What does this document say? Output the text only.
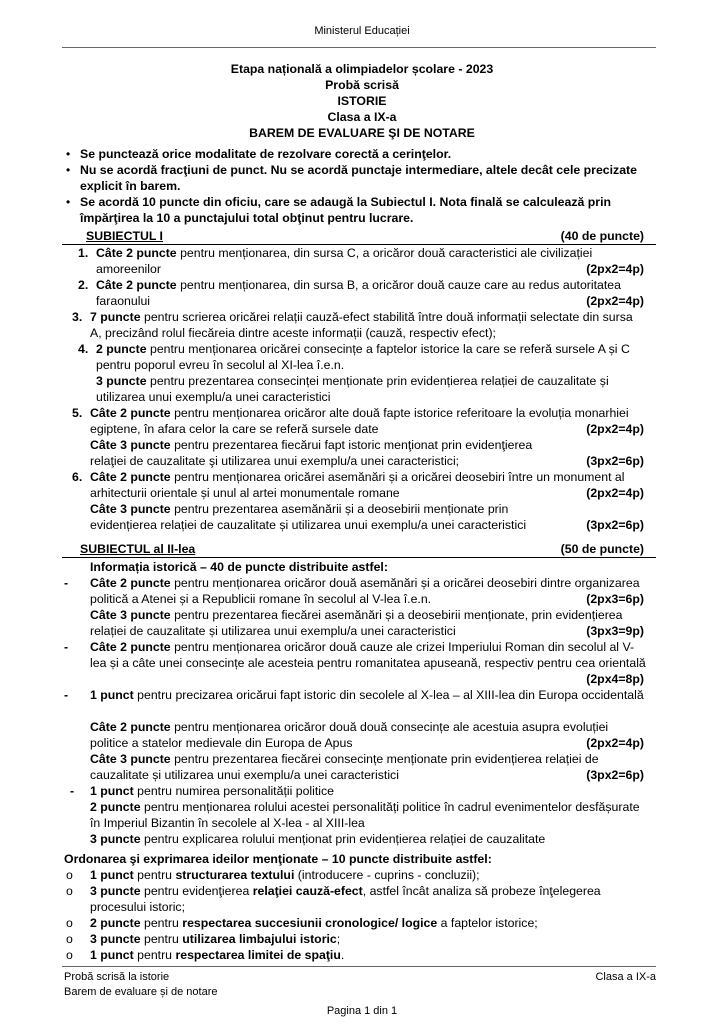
Ministerul Educației
Etapa națională a olimpiadelor școlare - 2023
Probă scrisă
ISTORIE
Clasa a IX-a
BAREM DE EVALUARE ŞI DE NOTARE
• Se punctează orice modalitate de rezolvare corectă a cerinţelor.
• Nu se acordă fracţiuni de punct. Nu se acordă punctaje intermediare, altele decât cele precizate explicit în barem.
• Se acordă 10 puncte din oficiu, care se adaugă la Subiectul I. Nota finală se calculează prin împărţirea la 10 a punctajului total obţinut pentru lucrare.
SUBIECTUL I	(40 de puncte)
1. Câte 2 puncte pentru menționarea, din sursa C, a oricăror două caracteristici ale civilizației amoreenilor	(2px2=4p)
2. Câte 2 puncte pentru menționarea, din sursa B, a oricăror două cauze care au redus autoritatea faraonului	(2px2=4p)
3. 7 puncte pentru scrierea oricărei relații cauză-efect stabilită între două informații selectate din sursa A, precizând rolul fiecăreia dintre aceste informații (cauză, respectiv efect);
4. 2 puncte pentru menționarea oricărei consecințe a faptelor istorice la care se referă sursele A și C pentru poporul evreu în secolul al XI-lea î.e.n.
3 puncte pentru prezentarea consecinței menționate prin evidențierea relației de cauzalitate și utilizarea unui exemplu/a unei caracteristici
5. Câte 2 puncte pentru menționarea oricăror alte două fapte istorice referitoare la evoluția monarhiei egiptene, în afara celor la care se referă sursele date	(2px2=4p)
Câte 3 puncte pentru prezentarea fiecărui fapt istoric menţionat prin evidenţierea relaţiei de cauzalitate şi utilizarea unui exemplu/a unei caracteristici;	(3px2=6p)
6. Câte 2 puncte pentru menționarea oricărei asemănări și a oricărei deosebiri între un monument al arhitecturii orientale și unul al artei monumentale romane	(2px2=4p)
Câte 3 puncte pentru prezentarea asemănării și a deosebirii menționate prin evidențierea relației de cauzalitate și utilizarea unui exemplu/a unei caracteristici	(3px2=6p)
SUBIECTUL al II-lea	(50 de puncte)
Informația istorică – 40 de puncte distribuite astfel:
- Câte 2 puncte pentru menționarea oricăror două asemănări și a oricărei deosebiri dintre organizarea politică a Atenei și a Republicii romane în secolul al V-lea î.e.n.	(2px3=6p)
Câte 3 puncte pentru prezentarea fiecărei asemănări și a deosebirii menționate, prin evidențierea relației de cauzalitate și utilizarea unui exemplu/a unei caracteristici	(3px3=9p)
- Câte 2 puncte pentru menționarea oricăror două cauze ale crizei Imperiului Roman din secolul al V-lea și a câte unei consecințe ale acesteia pentru romanitatea apuseană, respectiv pentru cea orientală
(2px4=8p)
- 1 punct pentru precizarea oricărui fapt istoric din secolele al X-lea – al XIII-lea din Europa occidentală
Câte 2 puncte pentru menționarea oricăror două două consecințe ale acestuia asupra evoluției politice a statelor medievale din Europa de Apus	(2px2=4p)
Câte 3 puncte pentru prezentarea fiecărei consecințe menționate prin evidențierea relației de cauzalitate și utilizarea unui exemplu/a unei caracteristici	(3px2=6p)
- 1 punct pentru numirea personalității politice
2 puncte pentru menționarea rolului acestei personalități politice în cadrul evenimentelor desfășurate în Imperiul Bizantin în secolele al X-lea - al XIII-lea
3 puncte pentru explicarea rolului menționat prin evidențierea relației de cauzalitate
Ordonarea şi exprimarea ideilor menţionate – 10 puncte distribuite astfel:
o 1 punct pentru structurarea textului (introducere - cuprins - concluzii);
o 3 puncte pentru evidenţierea relaţiei cauză-efect, astfel încât analiza să probeze înţelegerea procesului istoric;
o 2 puncte pentru respectarea succesiunii cronologice/ logice a faptelor istorice;
o 3 puncte pentru utilizarea limbajului istoric;
o 1 punct pentru respectarea limitei de spaţiu.
Probă scrisă la istorie
Barem de evaluare și de notare
Clasa a IX-a
Pagina 1 din 1
